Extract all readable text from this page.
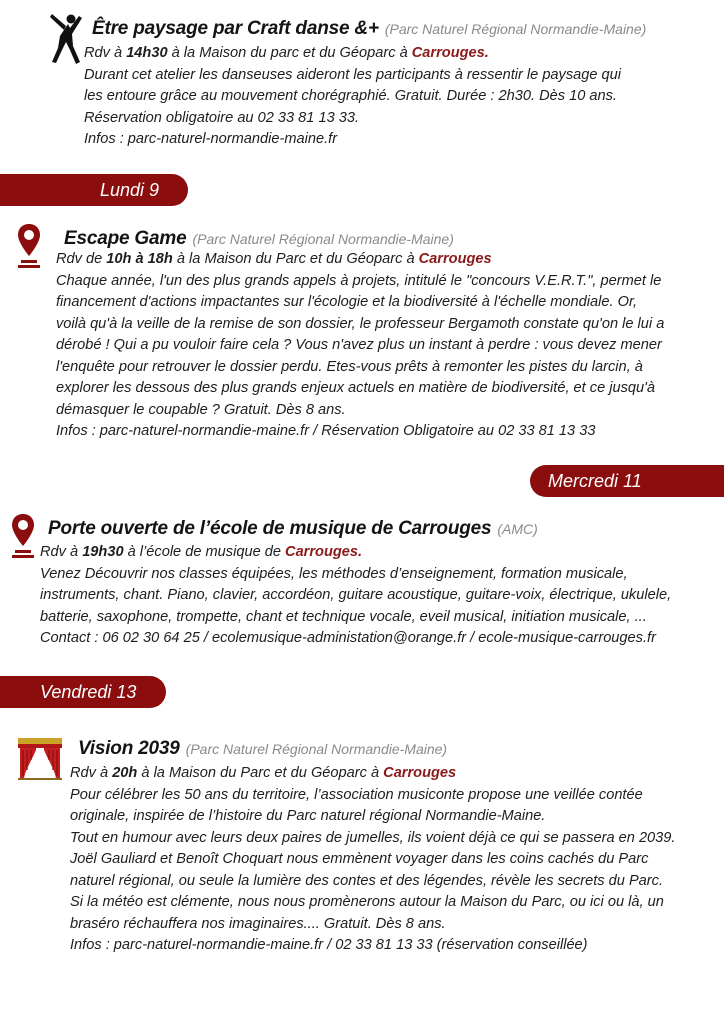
Être paysage par Craft danse &+ (Parc Naturel Régional Normandie-Maine)
Rdv à 14h30 à la Maison du parc et du Géoparc à Carrouges.
Durant cet atelier les danseuses aideront les participants à ressentir le paysage qui
les entoure grâce au mouvement chorégraphié. Gratuit. Durée : 2h30. Dès 10 ans.
Réservation obligatoire au 02 33 81 13 33.
Infos : parc-naturel-normandie-maine.fr
Lundi 9
Escape Game (Parc Naturel Régional Normandie-Maine)
Rdv de 10h à 18h à la Maison du Parc et du Géoparc à Carrouges
Chaque année, l'un des plus grands appels à projets, intitulé le "concours V.E.R.T.", permet le
financement d'actions impactantes sur l'écologie et la biodiversité à l'échelle mondiale. Or,
voilà qu'à la veille de la remise de son dossier, le professeur Bergamoth constate qu'on le lui a
dérobé ! Qui a pu vouloir faire cela ? Vous n'avez plus un instant à perdre : vous devez mener
l'enquête pour retrouver le dossier perdu. Etes-vous prêts à remonter les pistes du larcin, à
explorer les dessous des plus grands enjeux actuels en matière de biodiversité, et ce jusqu'à
démasquer le coupable ? Gratuit. Dès 8 ans.
Infos : parc-naturel-normandie-maine.fr / Réservation Obligatoire au 02 33 81 13 33
Mercredi 11
Porte ouverte de l’école de musique de Carrouges (AMC)
Rdv à 19h30 à l’école de musique de Carrouges.
Venez Découvrir nos classes équipées, les méthodes d’enseignement, formation musicale,
instruments, chant. Piano, clavier, accordéon, guitare acoustique, guitare-voix, électrique, ukulele,
batterie, saxophone, trompette, chant et technique vocale, eveil musical, initiation musicale, ...
Contact : 06 02 30 64 25 / ecolemusique-administation@orange.fr / ecole-musique-carrouges.fr
Vendredi 13
Vision 2039 (Parc Naturel Régional Normandie-Maine)
Rdv à 20h à la Maison du Parc et du Géoparc à Carrouges
Pour célébrer les 50 ans du territoire, l’association musiconte propose une veillée contée
originale, inspirée de l’histoire du Parc naturel régional Normandie-Maine.
Tout en humour avec leurs deux paires de jumelles, ils voient déjà ce qui se passera en 2039.
Joël Gauliard et Benoît Choquart nous emmènent voyager dans les coins cachés du Parc
naturel régional, ou seule la lumière des contes et des légendes, révèle les secrets du Parc.
Si la météo est clémente, nous nous promènerons autour la Maison du Parc, ou ici ou là, un
braséro réchauffera nos imaginaires.... Gratuit. Dès 8 ans.
Infos : parc-naturel-normandie-maine.fr / 02 33 81 13 33 (réservation conseillée)
